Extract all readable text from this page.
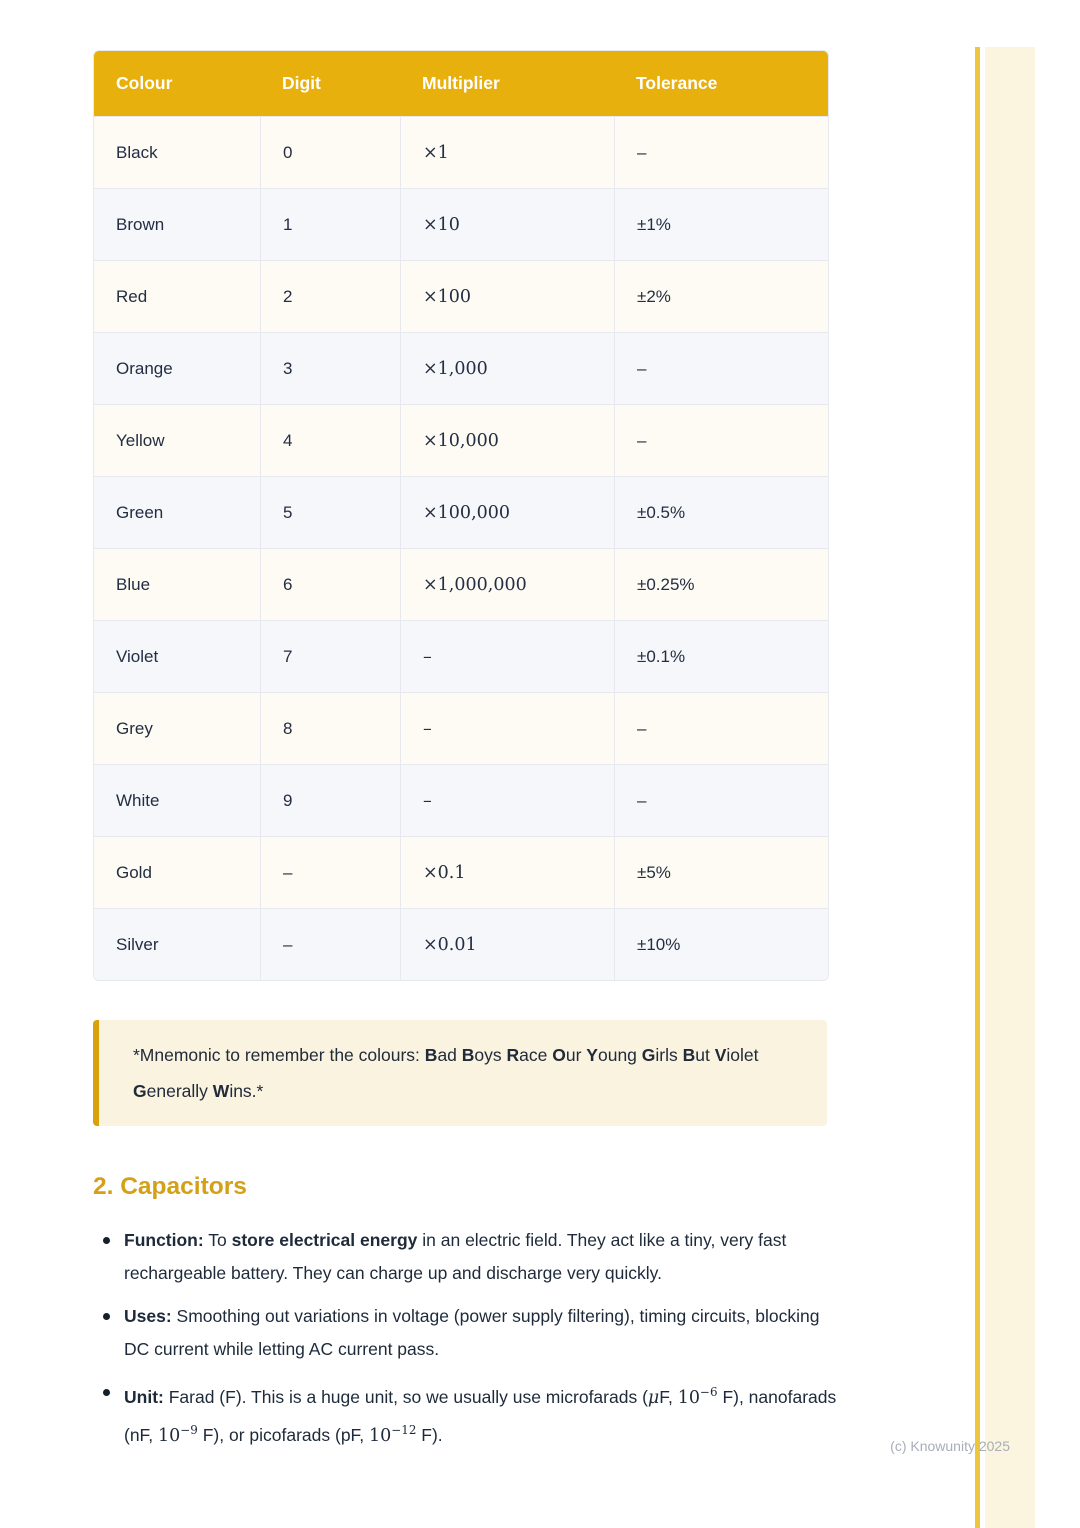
Colour	Digit	Multiplier	Tolerance
Black	0	×1	–
Brown	1	×10	±1%
Red	2	×100	±2%
Orange	3	×1,000	–
Yellow	4	×10,000	–
Green	5	×100,000	±0.5%
Blue	6	×1,000,000	±0.25%
Violet	7	–	±0.1%
Grey	8	–	–
White	9	–	–
Gold	–	×0.1	±5%
Silver	–	×0.01	±10%
*Mnemonic to remember the colours: Bad Boys Race Our Young Girls But Violet Generally Wins.*
2. Capacitors
Function: To store electrical energy in an electric field. They act like a tiny, very fast rechargeable battery. They can charge up and discharge very quickly.
Uses: Smoothing out variations in voltage (power supply filtering), timing circuits, blocking DC current while letting AC current pass.
Unit: Farad (F). This is a huge unit, so we usually use microfarads (μF, $10^{-6}$ F), nanofarads (nF, $10^{-9}$ F), or picofarads (pF, $10^{-12}$ F).
(c) Knowunity 2025
